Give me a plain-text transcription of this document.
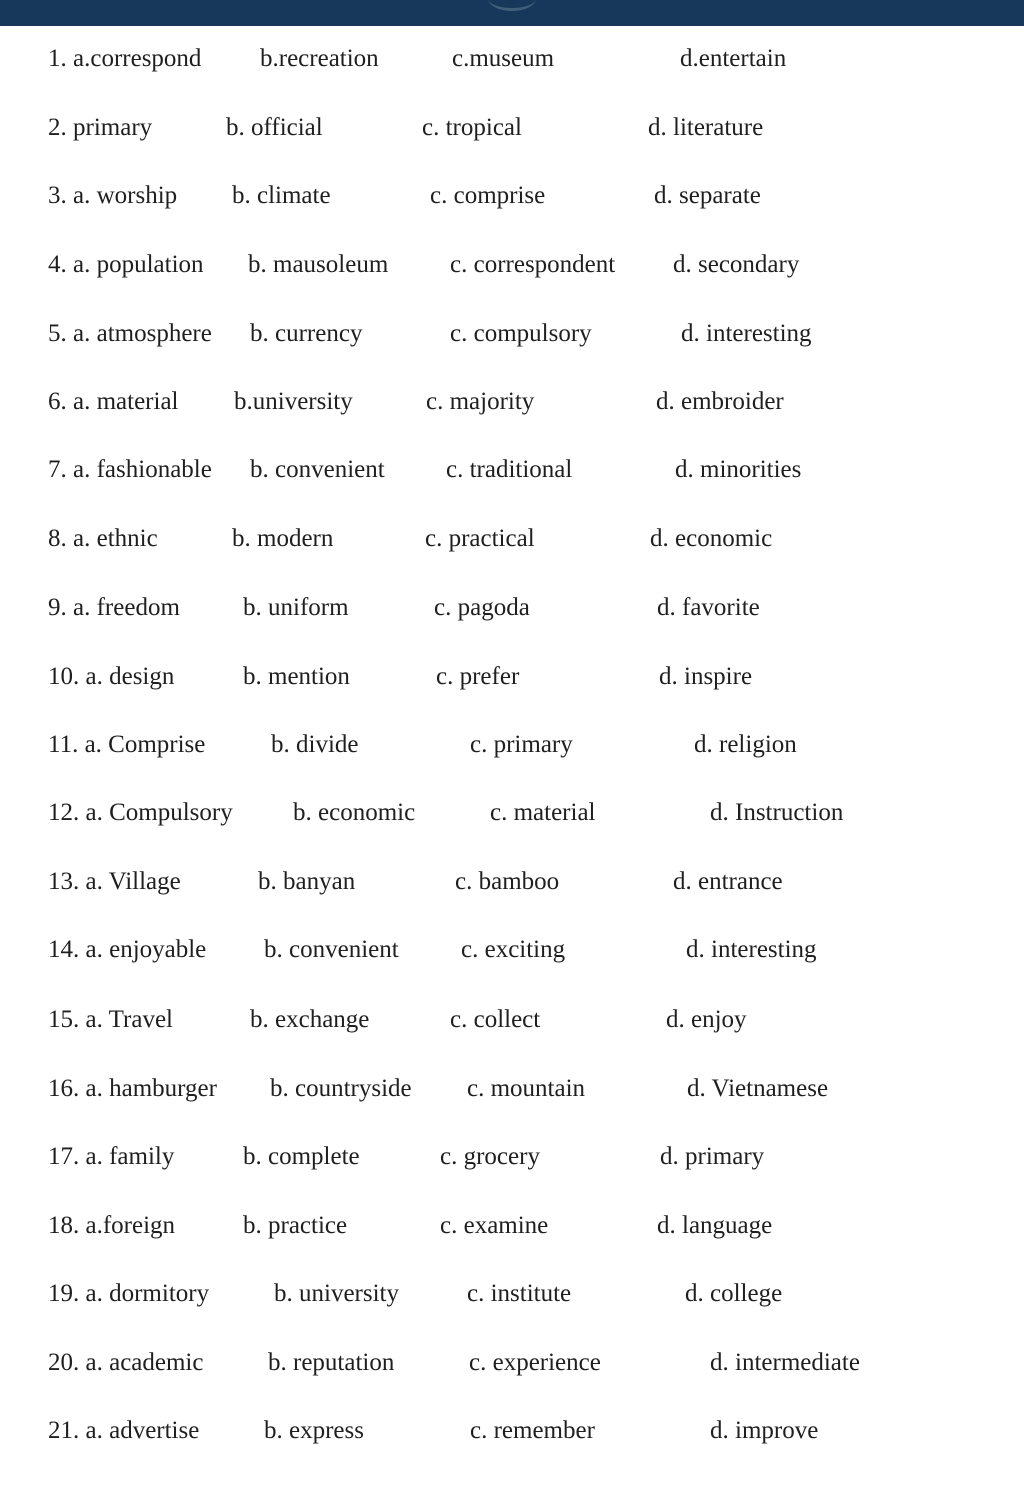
1. a.correspond b.recreation	c.museum	d.entertain
2. primary	b. official	c. tropical	d. literature
3. a. worship b. climate	c. comprise	d. separate
4. a. population b. mausoleum c. correspondent d. secondary
5. a. atmosphere b. currency	c. compulsory	d. interesting
6. a. material b.university	c. majority	d. embroider
7. a. fashionable b. convenient c. traditional	d. minorities
8. a. ethnic	b. modern	c. practical	d. economic
9. a. freedom	b. uniform	c. pagoda	d. favorite
10. a. design	b. mention	c. prefer	d. inspire
11. a. Comprise	b. divide	c. primary	d. religion
12. a. Compulsory b. economic	c. material	d. Instruction
13. a. Village	b. banyan	c. bamboo	d. entrance
14. a. enjoyable b. convenient c. exciting	d. interesting
15. a. Travel	b. exchange	c. collect	d. enjoy
16. a. hamburger b. countryside c. mountain	d. Vietnamese
17. a. family	b. complete	c. grocery	d. primary
18. a.foreign	b. practice	c. examine	d. language
19. a. dormitory	b. university	c. institute	d. college
20. a. academic	b. reputation	c. experience	d. intermediate
21. a. advertise	b. express	c. remember	d. improve
